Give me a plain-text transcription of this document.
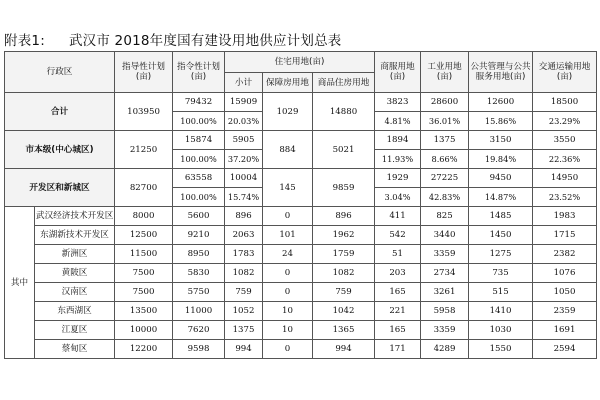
附表1: 武汉市 2018年度国有建设用地供应计划总表
行政区		指导性计划(亩)	指令性计划(亩)	住宅用地(亩)			商服用地(亩)	工业用地(亩)	公共管理与公共服务用地(亩)	交通运输用地(亩)
				小计	保障房用地	商品住房用地				
合计		103950	79432	15909	1029	14880	3823	28600	12600	18500
			100.00%	20.03%			4.81%	36.01%	15.86%	23.29%
市本级(中心城区)		21250	15874	5905	884	5021	1894	1375	3150	3550
			100.00%	37.20%			11.93%	8.66%	19.84%	22.36%
开发区和新城区		82700	63558	10004	145	9859	1929	27225	9450	14950
			100.00%	15.74%			3.04%	42.83%	14.87%	23.52%
其中	武汉经济技术开发区	8000	5600	896	0	896	411	825	1485	1983
	东湖新技术开发区	12500	9210	2063	101	1962	542	3440	1450	1715
	新洲区	11500	8950	1783	24	1759	51	3359	1275	2382
	黄陂区	7500	5830	1082	0	1082	203	2734	735	1076
	汉南区	7500	5750	759	0	759	165	3261	515	1050
	东西湖区	13500	11000	1052	10	1042	221	5958	1410	2359
	江夏区	10000	7620	1375	10	1365	165	3359	1030	1691
	蔡甸区	12200	9598	994	0	994	171	4289	1550	2594
